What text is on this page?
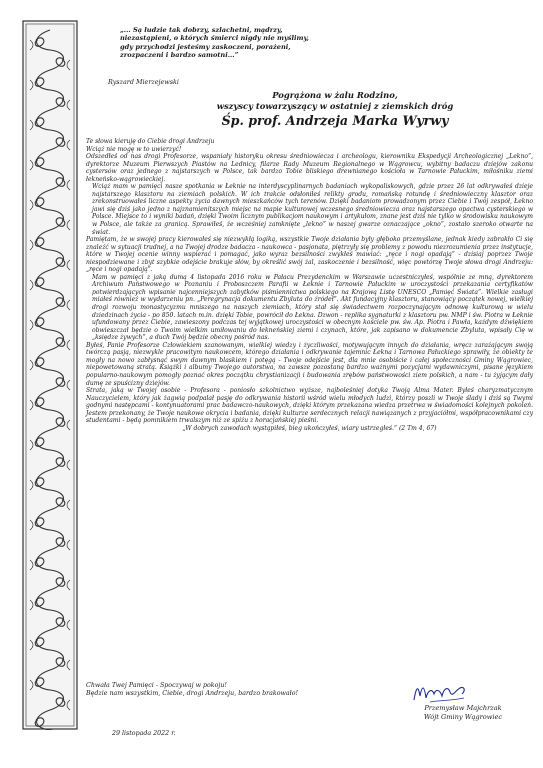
„... Są ludzie tak dobrzy, szlachetni, mądrzy,
niezastąpieni, o których śmierci nigdy nie myślimy,
gdy przychodzi jesteśmy zaskoczeni, porażeni,
zrozpaczeni i bardzo samotni...”
Ryszard Mierzejewski
Pogrążona w żalu Rodzino,
wszyscy towarzyszący w ostatniej z ziemskich dróg
Śp. prof. Andrzeja Marka Wyrwy

Te słowa kieruję do Ciebie drogi Andrzeju

Wciąż nie mogę w to uwierzyć!

Odszedłeś od nas drogi Profesorze, wspaniały historyku okresu średniowiecza i archeologu, kierowniku Ekspedycji Archeologicznej „Lekno”, dyrektorze Muzeum Pierwszych Piastów na Lednicy, filarze Rady Muzeum Regionalnego w Wągrowcu, wybitny badaczu dziejów zakonu cystersów oraz jednego z najstarszych w Polsce, tak bardzo Tobie bliskiego drewnianego kościoła w Tarnowie Pałuckim, miłośniku ziemi łekneńsko-wągrowieckiej.

Wciąż mam w pamięci nasze spotkania w Łeknie na interdyscyplinarnych badaniach wykopaliskowych, gdzie przez 26 lat odkrywałeś dzieje najstarszego klasztoru na ziemiach polskich. W ich trakcie odsłoniłeś relikty grodu, romańską rotundę i średniowieczny klasztor oraz zrekonstruowałeś liczne aspekty życia dawnych mieszkańców tych terenów. Dzięki badaniom prowadzonym przez Ciebie i Twój zespół, Łekno jawi się dziś jako jedno z najznamienitszych miejsc na mapie kulturowej wczesnego średniowiecza oraz najstarszego opactwa cysterskiego w Polsce. Miejsce to i wyniki badań, dzięki Twoim licznym publikacjom naukowym i artykułom, znane jest dziś nie tylko w środowisku naukowym w Polsce, ale także za granicą. Sprawiłeś, że wcześniej zamknięte „lekno” w naszej gwarze oznaczające „okno”, zostało szeroko otwarte na świat.

Pamiętam, że w swojej pracy kierowałeś się niezwykłą logiką, wszystkie Twoje działania były głęboko przemyślane, jednak kiedy zabrakło Ci się znaleźć w sytuacji trudnej, a na Twojej drodze badacza - naukowca - pasjonata, piętrzyły się problemy z powodu niezrozumienia przez instytucje, które w Twojej ocenie winny wspierać i pomagać, jako wyraz bezsilności zwykłeś mawiać: „ręce i nogi opadają” - dzisiaj poprzez Twoje niespodziewane i zbyt szybkie odejście brakuje słów, by określić swój żal, zaskoczenie i bezsilność, więc powtórzę Twoje słowa drogi Andrzeju: „ręce i nogi opadają”.

Mam w pamięci z jaką dumą 4 listopada 2016 roku w Pałacu Prezydenckim w Warszawie uczestniczyłeś, wspólnie ze mną, dyrektorem Archiwum Państwowego w Poznaniu i Proboszczem Parafii w Łeknie i Tarnowie Pałuckim w uroczystości przekazania certyfikatów potwierdzających wpisanie najcenniejszych zabytków piśmiennictwa polskiego na Krajową Listę UNESCO „Pamięć Świata”. Wielkie zasługi miałeś również w wydarzeniu pn. „Peregrynacja dokumentu Zbyluta do źródeł”. Akt fundacyjny klasztoru, stanowiący początek nowej, wielkiej drogi rozwoju monastycyzmu mniszego na naszych ziemiach, który stał się świadectwem rozpoczynającym odnowę kulturową w wielu dziedzinach życia - po 850. latach m.in. dzięki Tobie, powrócił do Łekna. Dzwon - replika sygnaturki z klasztoru pw. NMP i św. Piotra w Łeknie ufundowany przez Ciebie, zawieszony podczas tej wyjątkowej uroczystości w obecnym kościele pw. św. Ap. Piotra i Pawła, każdym dźwiękiem obwieszczał będzie o Twoim wielkim umiłowaniu do łekneńskiej ziemi i czynach, które, jak zapisano w dokumencie Zbyluta, wpisały Cię w „księdze żywych”, a duch Twój będzie obecny pośród nas.

Byłeś, Panie Profesorze Człowiekiem szanowanym, wielkiej wiedzy i życzliwości, motywującym innych do działania, wręcz zarażającym swoją twórczą pasją, niezwykle pracowitym naukowcem, którego działania i odkrywanie tajemnic Łekna i Tarnowa Pałuckiego sprawiły, że obiekty te mogły na nowo zabłysnąć swym dawnym blaskiem i potęgą - Twoje odejście jest, dla mnie osobiście i całej społeczności Gminy Wągrowiec, niepowetowaną stratą. Książki i albumy Twojego autorstwa, na zawsze pozostaną bardzo ważnymi pozycjami wydawniczymi, pisane językiem popularno-naukowym pomogły poznać okres początku chrystianizacji i budowania zrębów państwowości ziem polskich, a nam - tu żyjącym dały dumę ze spuścizny dziejów.

Strata, jaką w Twojej osobie - Profesora - poniosło szkolnictwo wyższe, najboleśniej dotyka Twoją Alma Mater. Byłeś charyzmatycznym Nauczycielem, który jak żagwią podpalał pasję do odkrywania historii wśród wielu młodych ludzi, którzy poszli w Twoje ślady i dziś są Twymi godnymi następcami - kontynuatorami prac badawczo-naukowych, dzięki którym przekazana wiedza przetrwa w świadomości kolejnych pokoleń. Jestem przekonany, że Twoje naukowe okrycia i badania, dzięki kulturze serdecznych relacji nawiązanych z przyjaciółmi, współpracownikami czy studentami - będą pomnikiem trwalszym niż ze spiżu z horacjańskiej pieśni.

„W dobrych zawodach wystąpiłeś, bieg ukończyłeś, wiary ustrzegłeś.” (2 Tm 4, 67)

Chwała Twej Pamięci - Spoczywaj w pokoju!
Będzie nam wszystkim, Ciebie, drogi Andrzeju, bardzo brakowało!
29 listopada 2022 r.
Przemysław Majchrzak
Wójt Gminy Wągrowiec
